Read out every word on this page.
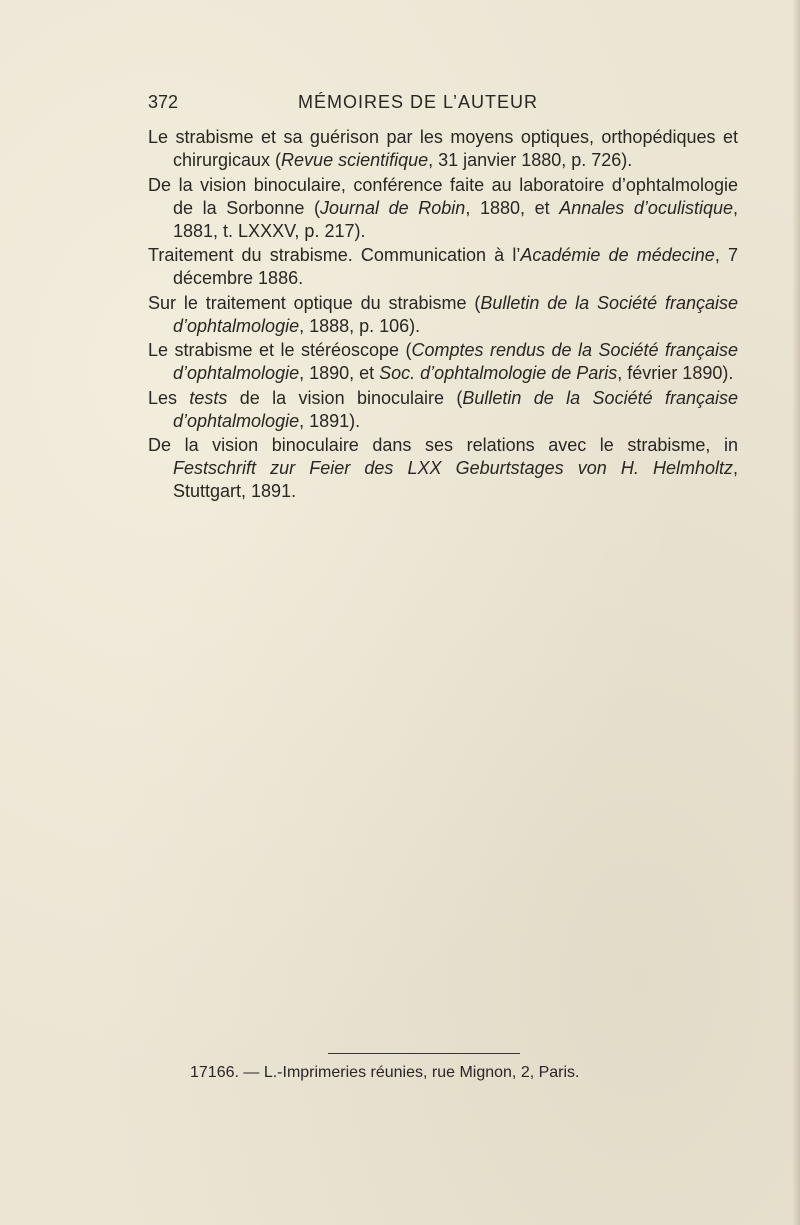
372	MÉMOIRES DE L’AUTEUR

Le strabisme et sa guérison par les moyens optiques, orthopédiques et chirurgicaux (Revue scientifique, 31 janvier 1880, p. 726).

De la vision binoculaire, conférence faite au laboratoire d’ophtalmologie de la Sorbonne (Journal de Robin, 1880, et Annales d’oculistique, 1881, t. LXXXV, p. 217).

Traitement du strabisme. Communication à l’Académie de médecine, 7 décembre 1886.

Sur le traitement optique du strabisme (Bulletin de la Société française d’ophtalmologie, 1888, p. 106).

Le strabisme et le stéréoscope (Comptes rendus de la Société française d’ophtalmologie, 1890, et Soc. d’ophtalmologie de Paris, février 1890).

Les tests de la vision binoculaire (Bulletin de la Société française d’ophtalmologie, 1891).

De la vision binoculaire dans ses relations avec le strabisme, in Festschrift zur Feier des LXX Geburtstages von H. Helmholtz, Stuttgart, 1891.

17166. — L.-Imprimeries réunies, rue Mignon, 2, Paris.
